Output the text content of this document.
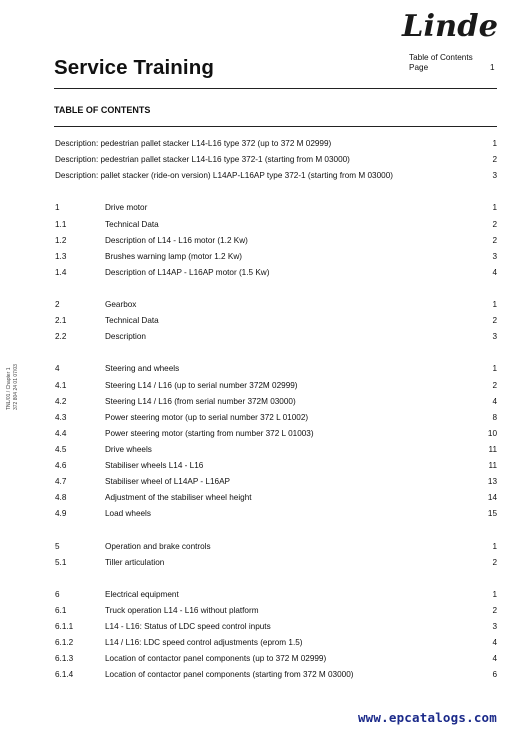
Linde
Service Training	Table of Contents
Page	1
TABLE OF CONTENTS
Description: pedestrian pallet stacker L14-L16 type 372 (up to 372 M 02999)	1
Description: pedestrian pallet stacker L14-L16 type 372-1 (starting from M 03000)	2
Description: pallet stacker (ride-on version) L14AP-L16AP type 372-1 (starting from M 03000)	3
1	Drive motor	1
1.1	Technical Data	2
1.2	Description of L14 - L16 motor (1.2 Kw)	2
1.3	Brushes warning lamp (motor 1.2 Kw)	3
1.4	Description of L14AP - L16AP motor (1.5 Kw)	4
2	Gearbox	1
2.1	Technical Data	2
2.2	Description	3
4	Steering and wheels	1
4.1	Steering L14 / L16 (up to serial number 372M 02999)	2
4.2	Steering L14 / L16 (from serial number 372M 03000)	4
4.3	Power steering motor (up to serial number 372 L 01002)	8
4.4	Power steering motor (starting from number 372 L 01003)	10
4.5	Drive wheels	11
4.6	Stabiliser wheels L14 - L16	11
4.7	Stabiliser wheel of L14AP - L16AP	13
4.8	Adjustment of the stabiliser wheel height	14
4.9	Load wheels	15
5	Operation and brake controls	1
5.1	Tiller articulation	2
6	Electrical equipment	1
6.1	Truck operation L14 - L16 without platform	2
6.1.1	L14 - L16: Status of LDC speed control inputs	3
6.1.2	L14 / L16: LDC speed control adjustments (eprom 1.5)	4
6.1.3	Location of contactor panel components (up to 372 M 02999)	4
6.1.4	Location of contactor panel components (starting from 372 M 03000)	6
TNL/01 / Chapter 1 372 804 24 01 07/03
www.epcatalogs.com
